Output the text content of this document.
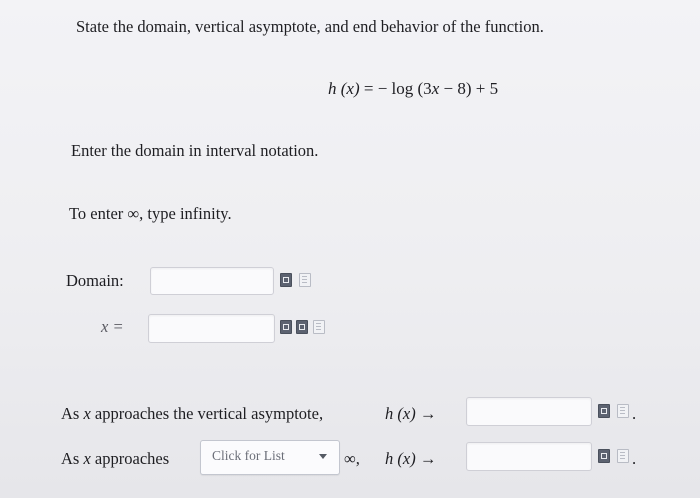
State the domain, vertical asymptote, and end behavior of the function.
h (x) = − log (3x − 8) + 5
Enter the domain in interval notation.
To enter ∞, type infinity.
Domain:
x =
As x approaches the vertical asymptote,	h (x) →	.
As x approaches	Click for List	∞, h (x) →	.
